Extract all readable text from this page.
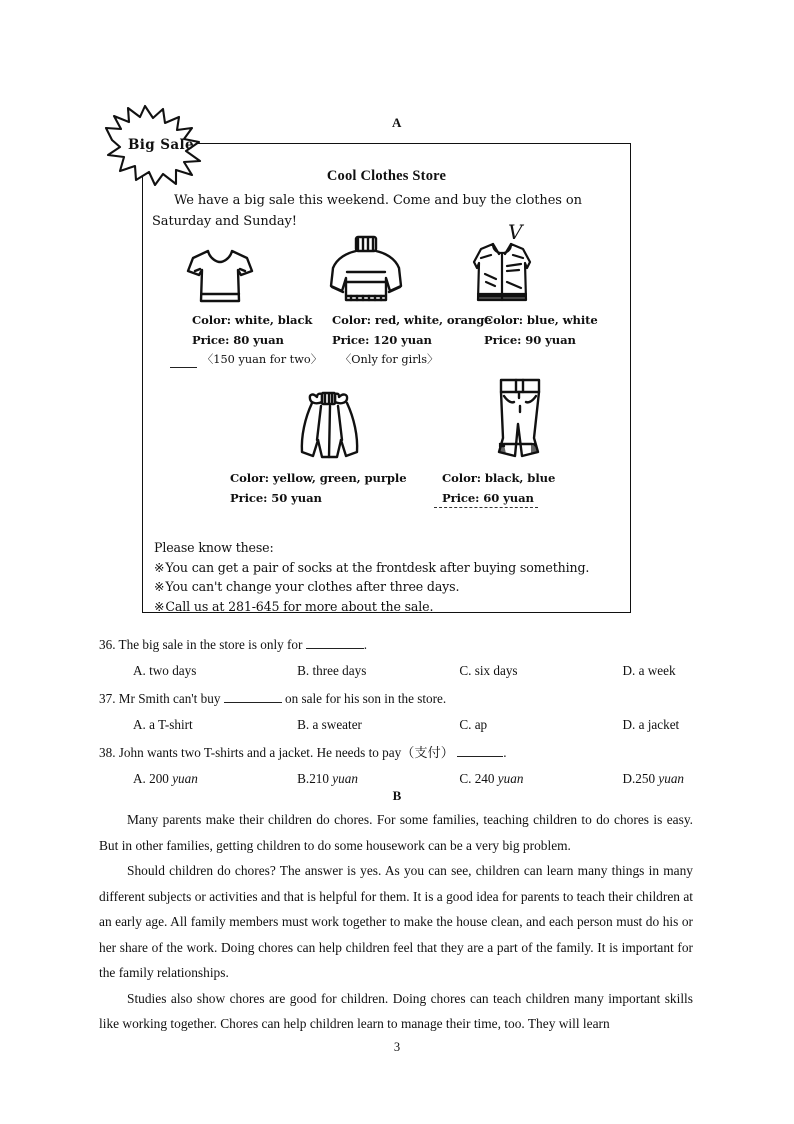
A
Big Sale
Cool Clothes Store
We have a big sale this weekend. Come and buy the clothes on Saturday and Sunday!
Color: white, black
Price: 80 yuan
〈150 yuan for two〉
Color: red, white, orange
Price: 120 yuan
〈Only for girls〉
V
Color: blue, white
Price: 90 yuan
Color: yellow, green, purple
Price: 50 yuan
Color: black, blue
Price: 60 yuan
Please know these:
※You can get a pair of socks at the frontdesk after buying something.
※You can't change your clothes after three days.
※Call us at 281-645 for more about the sale.
36. The big sale in the store is only for	.
A. two days	B. three days	C. six days	D. a week
37. Mr Smith can't buy	on sale for his son in the store.
A. a T-shirt	B. a sweater	C. ap	D. a jacket
38. John wants two T-shirts and a jacket. He needs to pay（支付）	.
A. 200 yuan	B.210 yuan	C. 240 yuan	D.250 yuan
B

Many parents make their children do chores. For some families, teaching children to do chores is easy. But in other families, getting children to do some housework can be a very big problem.

Should children do chores? The answer is yes. As you can see, children can learn many things in many different subjects or activities and that is helpful for them. It is a good idea for parents to teach their children at an early age. All family members must work together to make the house clean, and each person must do his or her share of the work. Doing chores can help children feel that they are a part of the family. It is important for the family relationships.

Studies also show chores are good for children. Doing chores can teach children many important skills like working together. Chores can help children learn to manage their time, too. They will learn

3
